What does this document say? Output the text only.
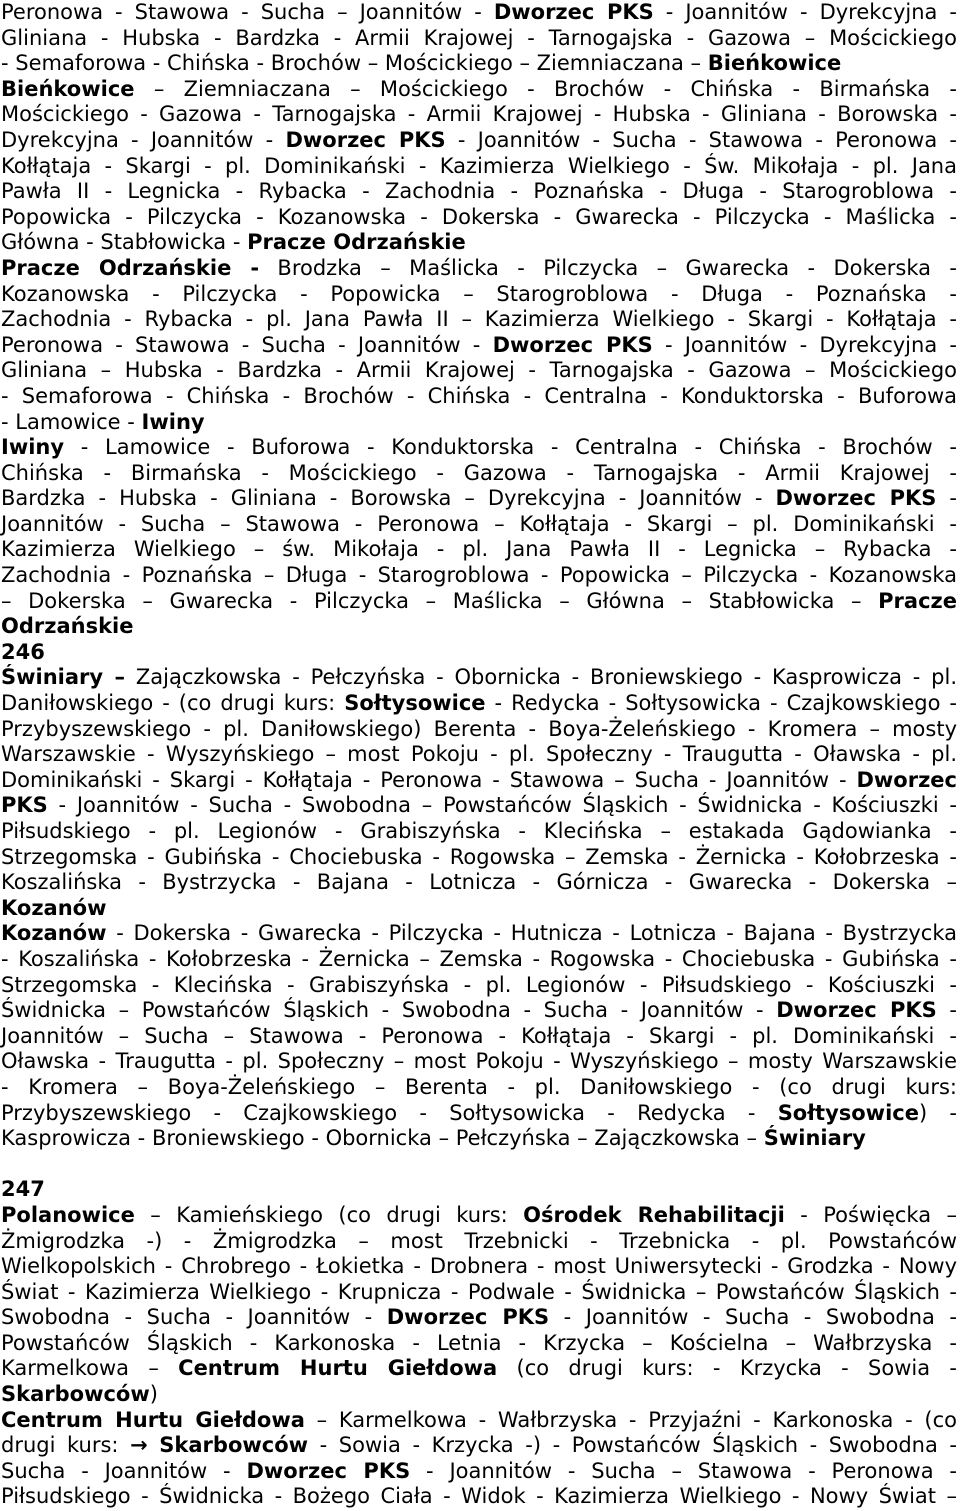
Peronowa - Stawowa - Sucha – Joannitów - Dworzec PKS - Joannitów - Dyrekcyjna -
Gliniana - Hubska - Bardzka - Armii Krajowej - Tarnogajska - Gazowa – Mościckiego
- Semaforowa - Chińska - Brochów – Mościckiego – Ziemniaczana – Bieńkowice
Bieńkowice – Ziemniaczana – Mościckiego - Brochów - Chińska - Birmańska -
Mościckiego - Gazowa - Tarnogajska - Armii Krajowej - Hubska - Gliniana - Borowska -
Dyrekcyjna - Joannitów - Dworzec PKS - Joannitów - Sucha - Stawowa - Peronowa -
Kołłątaja - Skargi - pl. Dominikański - Kazimierza Wielkiego - Św. Mikołaja - pl. Jana
Pawła II - Legnicka - Rybacka - Zachodnia - Poznańska - Długa - Starogroblowa -
Popowicka - Pilczycka - Kozanowska - Dokerska - Gwarecka - Pilczycka - Maślicka -
Główna - Stabłowicka - Pracze Odrzańskie
Pracze Odrzańskie - Brodzka – Maślicka - Pilczycka – Gwarecka - Dokerska -
Kozanowska - Pilczycka - Popowicka – Starogroblowa - Długa - Poznańska -
Zachodnia - Rybacka - pl. Jana Pawła II – Kazimierza Wielkiego - Skargi - Kołłątaja -
Peronowa - Stawowa - Sucha - Joannitów - Dworzec PKS - Joannitów - Dyrekcyjna -
Gliniana – Hubska - Bardzka - Armii Krajowej - Tarnogajska - Gazowa – Mościckiego
- Semaforowa - Chińska - Brochów - Chińska - Centralna - Konduktorska - Buforowa
- Lamowice - Iwiny
Iwiny - Lamowice - Buforowa - Konduktorska - Centralna - Chińska - Brochów -
Chińska - Birmańska - Mościckiego - Gazowa - Tarnogajska - Armii Krajowej -
Bardzka - Hubska - Gliniana - Borowska – Dyrekcyjna - Joannitów - Dworzec PKS -
Joannitów - Sucha – Stawowa - Peronowa – Kołłątaja - Skargi – pl. Dominikański -
Kazimierza Wielkiego – św. Mikołaja - pl. Jana Pawła II - Legnicka – Rybacka -
Zachodnia - Poznańska – Długa - Starogroblowa - Popowicka – Pilczycka - Kozanowska
– Dokerska – Gwarecka - Pilczycka – Maślicka – Główna – Stabłowicka – Pracze
Odrzańskie
246
Świniary – Zajączkowska - Pełczyńska - Obornicka - Broniewskiego - Kasprowicza - pl.
Daniłowskiego - (co drugi kurs: Sołtysowice - Redycka - Sołtysowicka - Czajkowskiego -
Przybyszewskiego - pl. Daniłowskiego) Berenta - Boya-Żeleńskiego - Kromera – mosty
Warszawskie - Wyszyńskiego – most Pokoju - pl. Społeczny - Traugutta - Oławska - pl.
Dominikański - Skargi - Kołłątaja - Peronowa - Stawowa – Sucha - Joannitów - Dworzec
PKS - Joannitów - Sucha - Swobodna – Powstańców Śląskich - Świdnicka - Kościuszki -
Piłsudskiego - pl. Legionów - Grabiszyńska - Klecińska – estakada Gądowianka -
Strzegomska - Gubińska - Chociebuska - Rogowska – Zemska - Żernicka - Kołobrzeska -
Koszalińska - Bystrzycka - Bajana - Lotnicza - Górnicza - Gwarecka - Dokerska –
Kozanów
Kozanów - Dokerska - Gwarecka - Pilczycka - Hutnicza - Lotnicza - Bajana - Bystrzycka
- Koszalińska - Kołobrzeska - Żernicka – Zemska - Rogowska - Chociebuska - Gubińska -
Strzegomska - Klecińska - Grabiszyńska - pl. Legionów - Piłsudskiego - Kościuszki -
Świdnicka – Powstańców Śląskich - Swobodna - Sucha - Joannitów - Dworzec PKS -
Joannitów – Sucha – Stawowa - Peronowa - Kołłątaja - Skargi - pl. Dominikański -
Oławska - Traugutta - pl. Społeczny – most Pokoju - Wyszyńskiego – mosty Warszawskie
- Kromera – Boya-Żeleńskiego – Berenta - pl. Daniłowskiego - (co drugi kurs:
Przybyszewskiego - Czajkowskiego - Sołtysowicka - Redycka - Sołtysowice) -
Kasprowicza - Broniewskiego - Obornicka – Pełczyńska – Zajączkowska – Świniary
247
Polanowice – Kamieńskiego (co drugi kurs: Ośrodek Rehabilitacji - Poświęcka –
Żmigrodzka -) - Żmigrodzka – most Trzebnicki - Trzebnicka - pl. Powstańców
Wielkopolskich - Chrobrego - Łokietka - Drobnera - most Uniwersytecki - Grodzka - Nowy
Świat - Kazimierza Wielkiego - Krupnicza - Podwale - Świdnicka – Powstańców Śląskich -
Swobodna - Sucha - Joannitów - Dworzec PKS - Joannitów - Sucha - Swobodna -
Powstańców Śląskich - Karkonoska - Letnia - Krzycka – Kościelna – Wałbrzyska -
Karmelkowa – Centrum Hurtu Giełdowa (co drugi kurs: - Krzycka - Sowia -
Skarbowców)
Centrum Hurtu Giełdowa – Karmelkowa - Wałbrzyska - Przyjaźni - Karkonoska - (co
drugi kurs: → Skarbowców - Sowia - Krzycka -) - Powstańców Śląskich - Swobodna -
Sucha - Joannitów - Dworzec PKS - Joannitów - Sucha – Stawowa - Peronowa -
Piłsudskiego - Świdnicka - Bożego Ciała - Widok - Kazimierza Wielkiego - Nowy Świat –
